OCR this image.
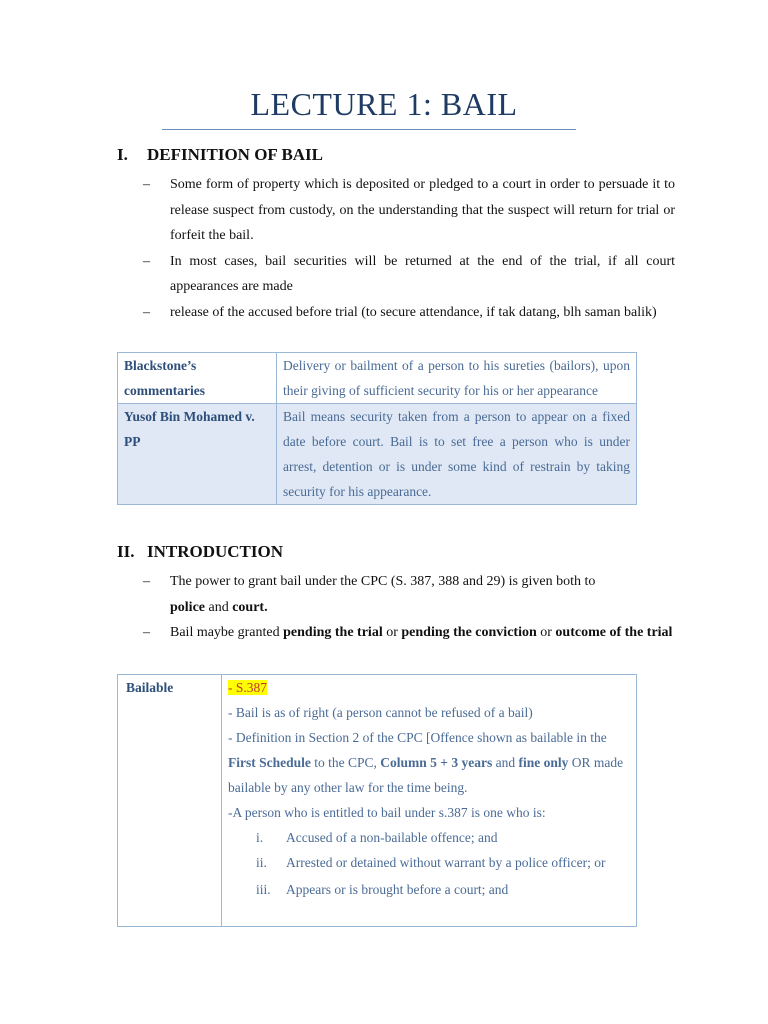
LECTURE 1: BAIL
I. DEFINITION OF BAIL
– Some form of property which is deposited or pledged to a court in order to persuade it to release suspect from custody, on the understanding that the suspect will return for trial or forfeit the bail.
– In most cases, bail securities will be returned at the end of the trial, if all court appearances are made
– release of the accused before trial (to secure attendance, if tak datang, blh saman balik)
Blackstone’s commentaries	Delivery or bailment of a person to his sureties (bailors), upon their giving of sufficient security for his or her appearance
Yusof Bin Mohamed v. PP	Bail means security taken from a person to appear on a fixed date before court. Bail is to set free a person who is under arrest, detention or is under some kind of restrain by taking security for his appearance.
II. INTRODUCTION
– The power to grant bail under the CPC (S. 387, 388 and 29) is given both to
police and court.
– Bail maybe granted pending the trial or pending the conviction or outcome of the trial
Bailable	- S.387
- Bail is as of right (a person cannot be refused of a bail)
- Definition in Section 2 of the CPC [Offence shown as bailable in the First Schedule to the CPC, Column 5 + 3 years and fine only OR made bailable by any other law for the time being.
-A person who is entitled to bail under s.387 is one who is:
i. Accused of a non-bailable offence; and
ii. Arrested or detained without warrant by a police officer; or
iii. Appears or is brought before a court; and
